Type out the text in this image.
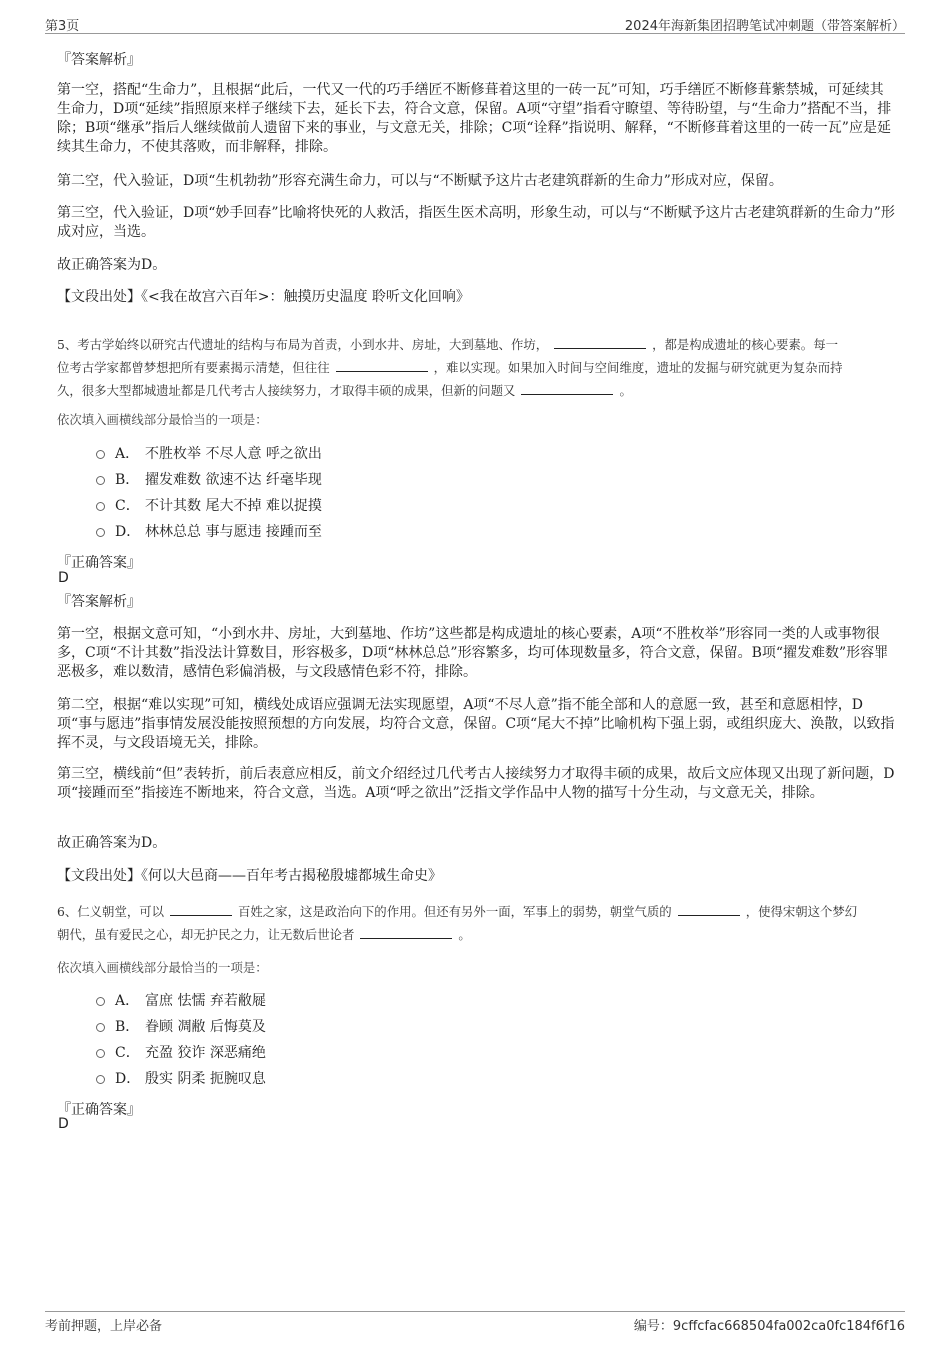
第3页	2024年海新集团招聘笔试冲刺题（带答案解析）
『答案解析』
第一空，搭配“生命力”，且根据“此后，一代又一代的巧手缮匠不断修葺着这里的一砖一瓦”可知，巧手缮匠不断修葺紫禁城，可延续其生命力，D项“延续”指照原来样子继续下去，延长下去，符合文意，保留。A项“守望”指看守瞭望、等待盼望，与“生命力”搭配不当，排除；B项“继承”指后人继续做前人遗留下来的事业，与文意无关，排除；C项“诠释”指说明、解释，“不断修葺着这里的一砖一瓦”应是延续其生命力，不使其落败，而非解释，排除。
第二空，代入验证，D项“生机勃勃”形容充满生命力，可以与“不断赋予这片古老建筑群新的生命力”形成对应，保留。
第三空，代入验证，D项“妙手回春”比喻将快死的人救活，指医生医术高明，形象生动，可以与“不断赋予这片古老建筑群新的生命力”形成对应，当选。
故正确答案为D。
【文段出处】《<我在故宫六百年>：触摸历史温度 聆听文化回响》
5、考古学始终以研究古代遗址的结构与布局为首责，小到水井、房址，大到墓地、作坊，	，都是构成遗址的核心要素。每一
位考古学家都曾梦想把所有要素揭示清楚，但往往	，难以实现。如果加入时间与空间维度，遗址的发掘与研究就更为复杂而持
久，很多大型都城遗址都是几代考古人接续努力，才取得丰硕的成果，但新的问题又	。
依次填入画横线部分最恰当的一项是：
A． 不胜枚举 不尽人意 呼之欲出
B． 擢发难数 欲速不达 纤毫毕现
C． 不计其数 尾大不掉 难以捉摸
D． 林林总总 事与愿违 接踵而至
『正确答案』
D
『答案解析』
第一空，根据文意可知，“小到水井、房址，大到墓地、作坊”这些都是构成遗址的核心要素，A项“不胜枚举”形容同一类的人或事物很多，C项“不计其数”指没法计算数目，形容极多，D项“林林总总”形容繁多，均可体现数量多，符合文意，保留。B项“擢发难数”形容罪恶极多，难以数清，感情色彩偏消极，与文段感情色彩不符，排除。
第二空，根据“难以实现”可知，横线处成语应强调无法实现愿望，A项“不尽人意”指不能全部和人的意愿一致，甚至和意愿相悖，D项“事与愿违”指事情发展没能按照预想的方向发展，均符合文意，保留。C项“尾大不掉”比喻机构下强上弱，或组织庞大、涣散，以致指挥不灵，与文段语境无关，排除。
第三空，横线前“但”表转折，前后表意应相反，前文介绍经过几代考古人接续努力才取得丰硕的成果，故后文应体现又出现了新问题，D项“接踵而至”指接连不断地来，符合文意，当选。A项“呼之欲出”泛指文学作品中人物的描写十分生动，与文意无关，排除。
故正确答案为D。
【文段出处】《何以大邑商——百年考古揭秘殷墟都城生命史》
6、仁义朝堂，可以	百姓之家，这是政治向下的作用。但还有另外一面，军事上的弱势，朝堂气质的	，使得宋朝这个梦幻
朝代，虽有爱民之心，却无护民之力，让无数后世论者	。
依次填入画横线部分最恰当的一项是：
A． 富庶 怯懦 弃若敝屣
B． 眷顾 凋敝 后悔莫及
C． 充盈 狡诈 深恶痛绝
D． 殷实 阴柔 扼腕叹息
『正确答案』
D
考前押题，上岸必备	编号：9cffcfac668504fa002ca0fc184f6f16
